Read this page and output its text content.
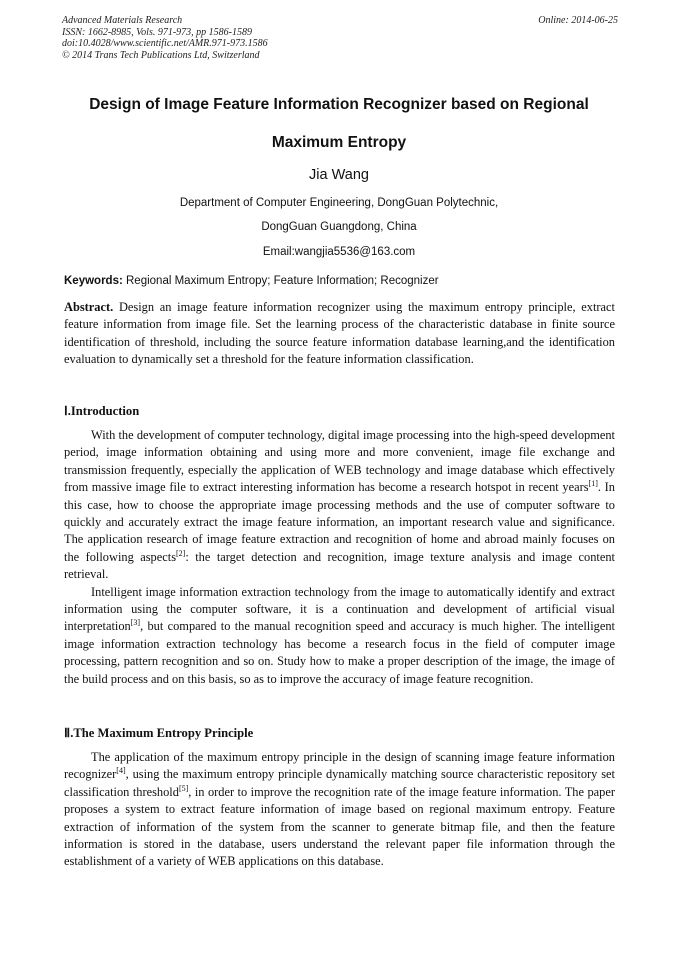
Advanced Materials Research
ISSN: 1662-8985, Vols. 971-973, pp 1586-1589
doi:10.4028/www.scientific.net/AMR.971-973.1586
© 2014 Trans Tech Publications Ltd, Switzerland
Online: 2014-06-25
Design of Image Feature Information Recognizer based on Regional
Maximum Entropy
Jia Wang
Department of Computer Engineering, DongGuan Polytechnic,
DongGuan Guangdong, China
Email:wangjia5536@163.com
Keywords: Regional Maximum Entropy; Feature Information; Recognizer

Abstract. Design an image feature information recognizer using the maximum entropy principle, extract feature information from image file. Set the learning process of the characteristic database in finite source identification of threshold, including the source feature information database learning,and the identification evaluation to dynamically set a threshold for the feature information classification.

Ⅰ.Introduction

With the development of computer technology, digital image processing into the high-speed development period, image information obtaining and using more and more convenient, image file exchange and transmission frequently, especially the application of WEB technology and image database which effectively from massive image file to extract interesting information has become a research hotspot in recent years[1]. In this case, how to choose the appropriate image processing methods and the use of computer software to quickly and accurately extract the image feature information, an important research value and significance. The application research of image feature extraction and recognition of home and abroad mainly focuses on the following aspects[2]: the target detection and recognition, image texture analysis and image content retrieval.

Intelligent image information extraction technology from the image to automatically identify and extract information using the computer software, it is a continuation and development of artificial visual interpretation[3], but compared to the manual recognition speed and accuracy is much higher. The intelligent image information extraction technology has become a research focus in the field of computer image processing, pattern recognition and so on. Study how to make a proper description of the image, the image of the build process and on this basis, so as to improve the accuracy of image feature recognition.

Ⅱ.The Maximum Entropy Principle

The application of the maximum entropy principle in the design of scanning image feature information recognizer[4], using the maximum entropy principle dynamically matching source characteristic repository set classification threshold[5], in order to improve the recognition rate of the image feature information. The paper proposes a system to extract feature information of image based on regional maximum entropy. Feature extraction of information of the system from the scanner to generate bitmap file, and then the feature information is stored in the database, users understand the relevant paper file information through the establishment of a variety of WEB applications on this database.
